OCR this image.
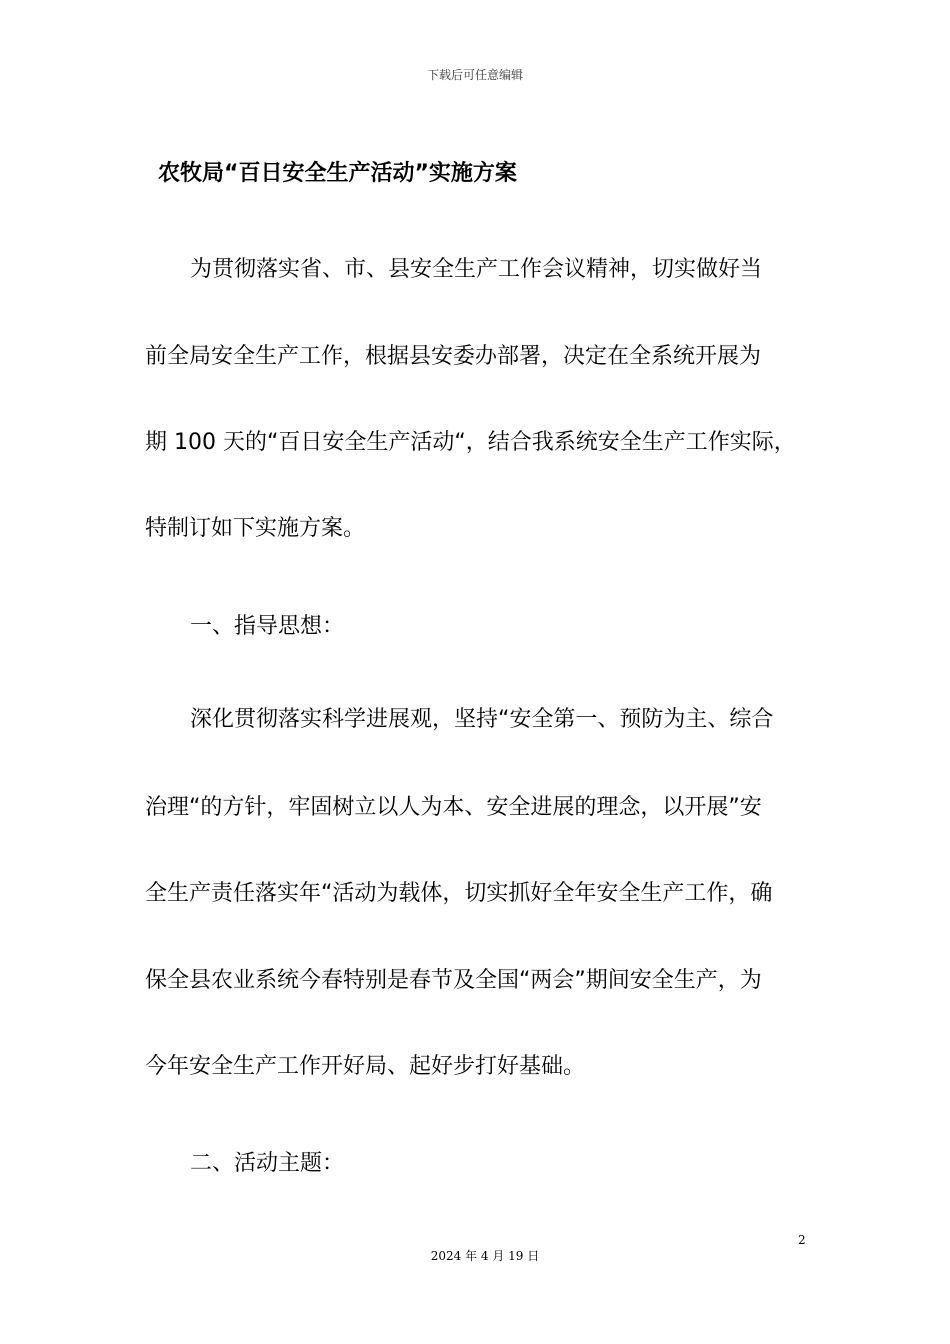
下载后可任意编辑
农牧局“百日安全生产活动”实施方案
为贯彻落实省、市、县安全生产工作会议精神，切实做好当
前全局安全生产工作，根据县安委办部署，决定在全系统开展为
期 100 天的“百日安全生产活动“，结合我系统安全生产工作实际，
特制订如下实施方案。
一、指导思想：
深化贯彻落实科学进展观，坚持“安全第一、预防为主、综合
治理“的方针，牢固树立以人为本、安全进展的理念，以开展”安
全生产责任落实年“活动为载体，切实抓好全年安全生产工作，确
保全县农业系统今春特别是春节及全国“两会”期间安全生产，为
今年安全生产工作开好局、起好步打好基础。
二、活动主题：
2
2024 年 4 月 19 日
